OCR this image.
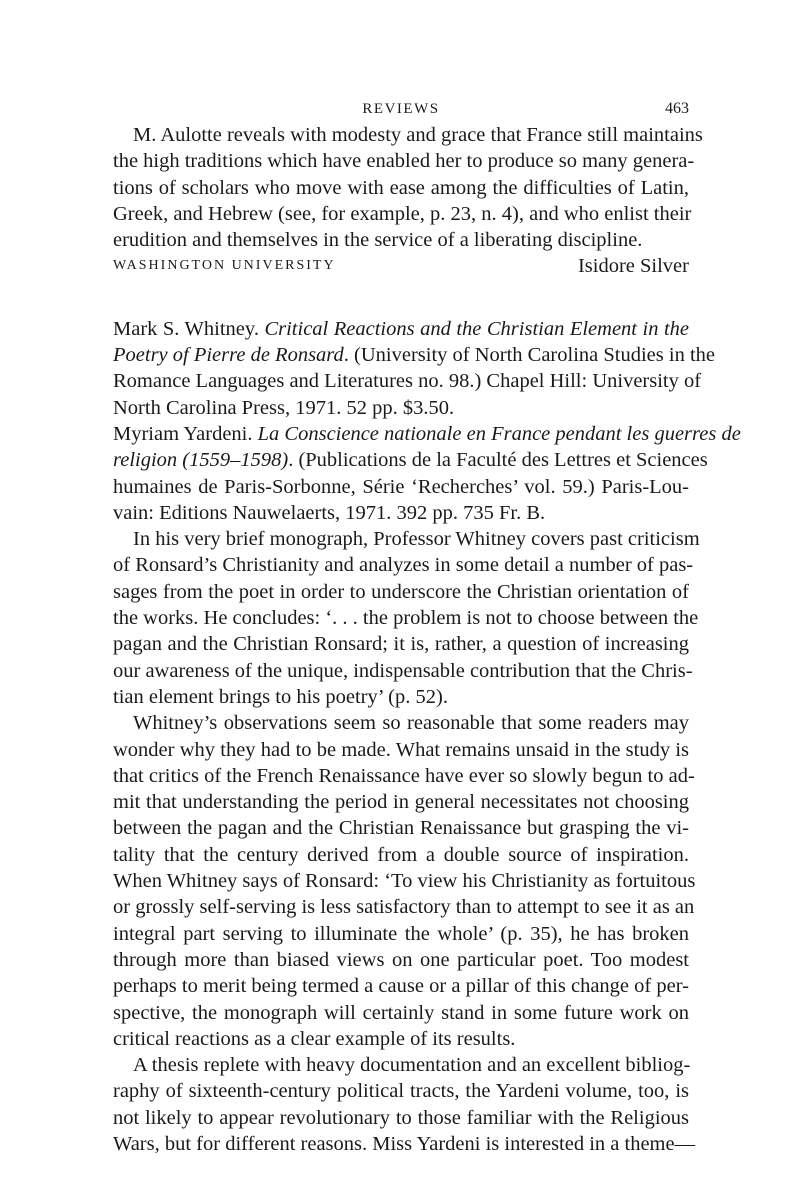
REVIEWS	463
M. Aulotte reveals with modesty and grace that France still maintains
the high traditions which have enabled her to produce so many genera-
tions of scholars who move with ease among the difficulties of Latin,
Greek, and Hebrew (see, for example, p. 23, n. 4), and who enlist their
erudition and themselves in the service of a liberating discipline.
WASHINGTON UNIVERSITY	Isidore Silver
Mark S. Whitney. Critical Reactions and the Christian Element in the
Poetry of Pierre de Ronsard. (University of North Carolina Studies in the
Romance Languages and Literatures no. 98.) Chapel Hill: University of
North Carolina Press, 1971. 52 pp. $3.50.
Myriam Yardeni. La Conscience nationale en France pendant les guerres de
religion (1559–1598). (Publications de la Faculté des Lettres et Sciences
humaines de Paris-Sorbonne, Série ‘Recherches’ vol. 59.) Paris-Lou-
vain: Editions Nauwelaerts, 1971. 392 pp. 735 Fr. B.
In his very brief monograph, Professor Whitney covers past criticism
of Ronsard’s Christianity and analyzes in some detail a number of pas-
sages from the poet in order to underscore the Christian orientation of
the works. He concludes: ‘. . . the problem is not to choose between the
pagan and the Christian Ronsard; it is, rather, a question of increasing
our awareness of the unique, indispensable contribution that the Chris-
tian element brings to his poetry’ (p. 52).
Whitney’s observations seem so reasonable that some readers may
wonder why they had to be made. What remains unsaid in the study is
that critics of the French Renaissance have ever so slowly begun to ad-
mit that understanding the period in general necessitates not choosing
between the pagan and the Christian Renaissance but grasping the vi-
tality that the century derived from a double source of inspiration.
When Whitney says of Ronsard: ‘To view his Christianity as fortuitous
or grossly self-serving is less satisfactory than to attempt to see it as an
integral part serving to illuminate the whole’ (p. 35), he has broken
through more than biased views on one particular poet. Too modest
perhaps to merit being termed a cause or a pillar of this change of per-
spective, the monograph will certainly stand in some future work on
critical reactions as a clear example of its results.
A thesis replete with heavy documentation and an excellent bibliog-
raphy of sixteenth-century political tracts, the Yardeni volume, too, is
not likely to appear revolutionary to those familiar with the Religious
Wars, but for different reasons. Miss Yardeni is interested in a theme—
